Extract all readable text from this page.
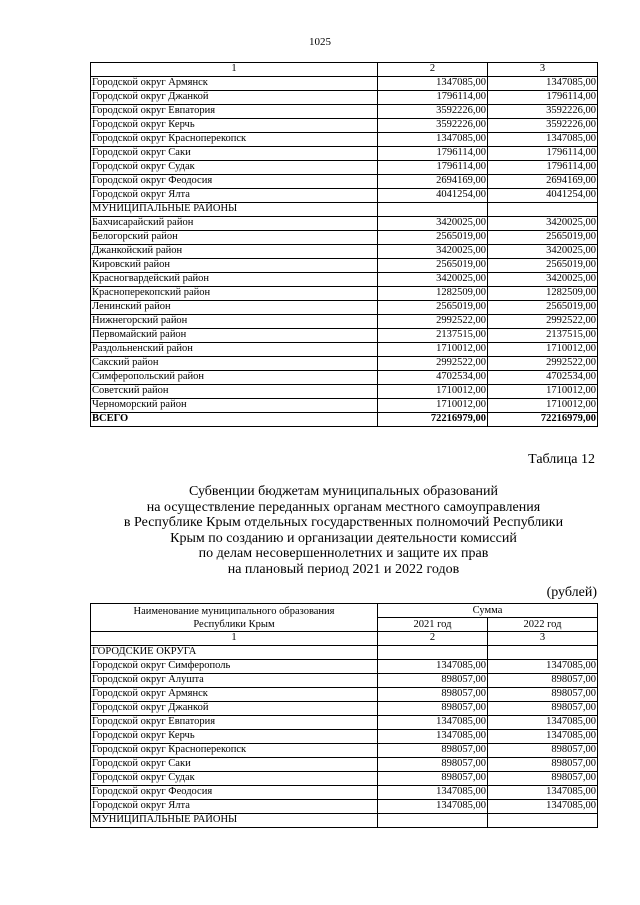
1025
1	2	3
Городской округ Армянск	1347085,00	1347085,00
Городской округ Джанкой	1796114,00	1796114,00
Городской округ Евпатория	3592226,00	3592226,00
Городской округ Керчь	3592226,00	3592226,00
Городской округ Красноперекопск	1347085,00	1347085,00
Городской округ Саки	1796114,00	1796114,00
Городской округ Судак	1796114,00	1796114,00
Городской округ Феодосия	2694169,00	2694169,00
Городской округ Ялта	4041254,00	4041254,00
МУНИЦИПАЛЬНЫЕ РАЙОНЫ		
Бахчисарайский район	3420025,00	3420025,00
Белогорский район	2565019,00	2565019,00
Джанкойский район	3420025,00	3420025,00
Кировский район	2565019,00	2565019,00
Красногвардейский район	3420025,00	3420025,00
Красноперекопский район	1282509,00	1282509,00
Ленинский район	2565019,00	2565019,00
Нижнегорский район	2992522,00	2992522,00
Первомайский район	2137515,00	2137515,00
Раздольненский район	1710012,00	1710012,00
Сакский район	2992522,00	2992522,00
Симферопольский район	4702534,00	4702534,00
Советский район	1710012,00	1710012,00
Черноморский район	1710012,00	1710012,00
ВСЕГО	72216979,00	72216979,00
Таблица 12
Субвенции бюджетам муниципальных образований
на осуществление переданных органам местного самоуправления
в Республике Крым отдельных государственных полномочий Республики
Крым по созданию и организации деятельности комиссий
по делам несовершеннолетних и защите их прав
на плановый период 2021 и 2022 годов
(рублей)
Наименование муниципального образования
Республики Крым	Сумма	
	2021 год	2022 год
1	2	3
ГОРОДСКИЕ ОКРУГА		
Городской округ Симферополь	1347085,00	1347085,00
Городской округ Алушта	898057,00	898057,00
Городской округ Армянск	898057,00	898057,00
Городской округ Джанкой	898057,00	898057,00
Городской округ Евпатория	1347085,00	1347085,00
Городской округ Керчь	1347085,00	1347085,00
Городской округ Красноперекопск	898057,00	898057,00
Городской округ Саки	898057,00	898057,00
Городской округ Судак	898057,00	898057,00
Городской округ Феодосия	1347085,00	1347085,00
Городской округ Ялта	1347085,00	1347085,00
МУНИЦИПАЛЬНЫЕ РАЙОНЫ		
